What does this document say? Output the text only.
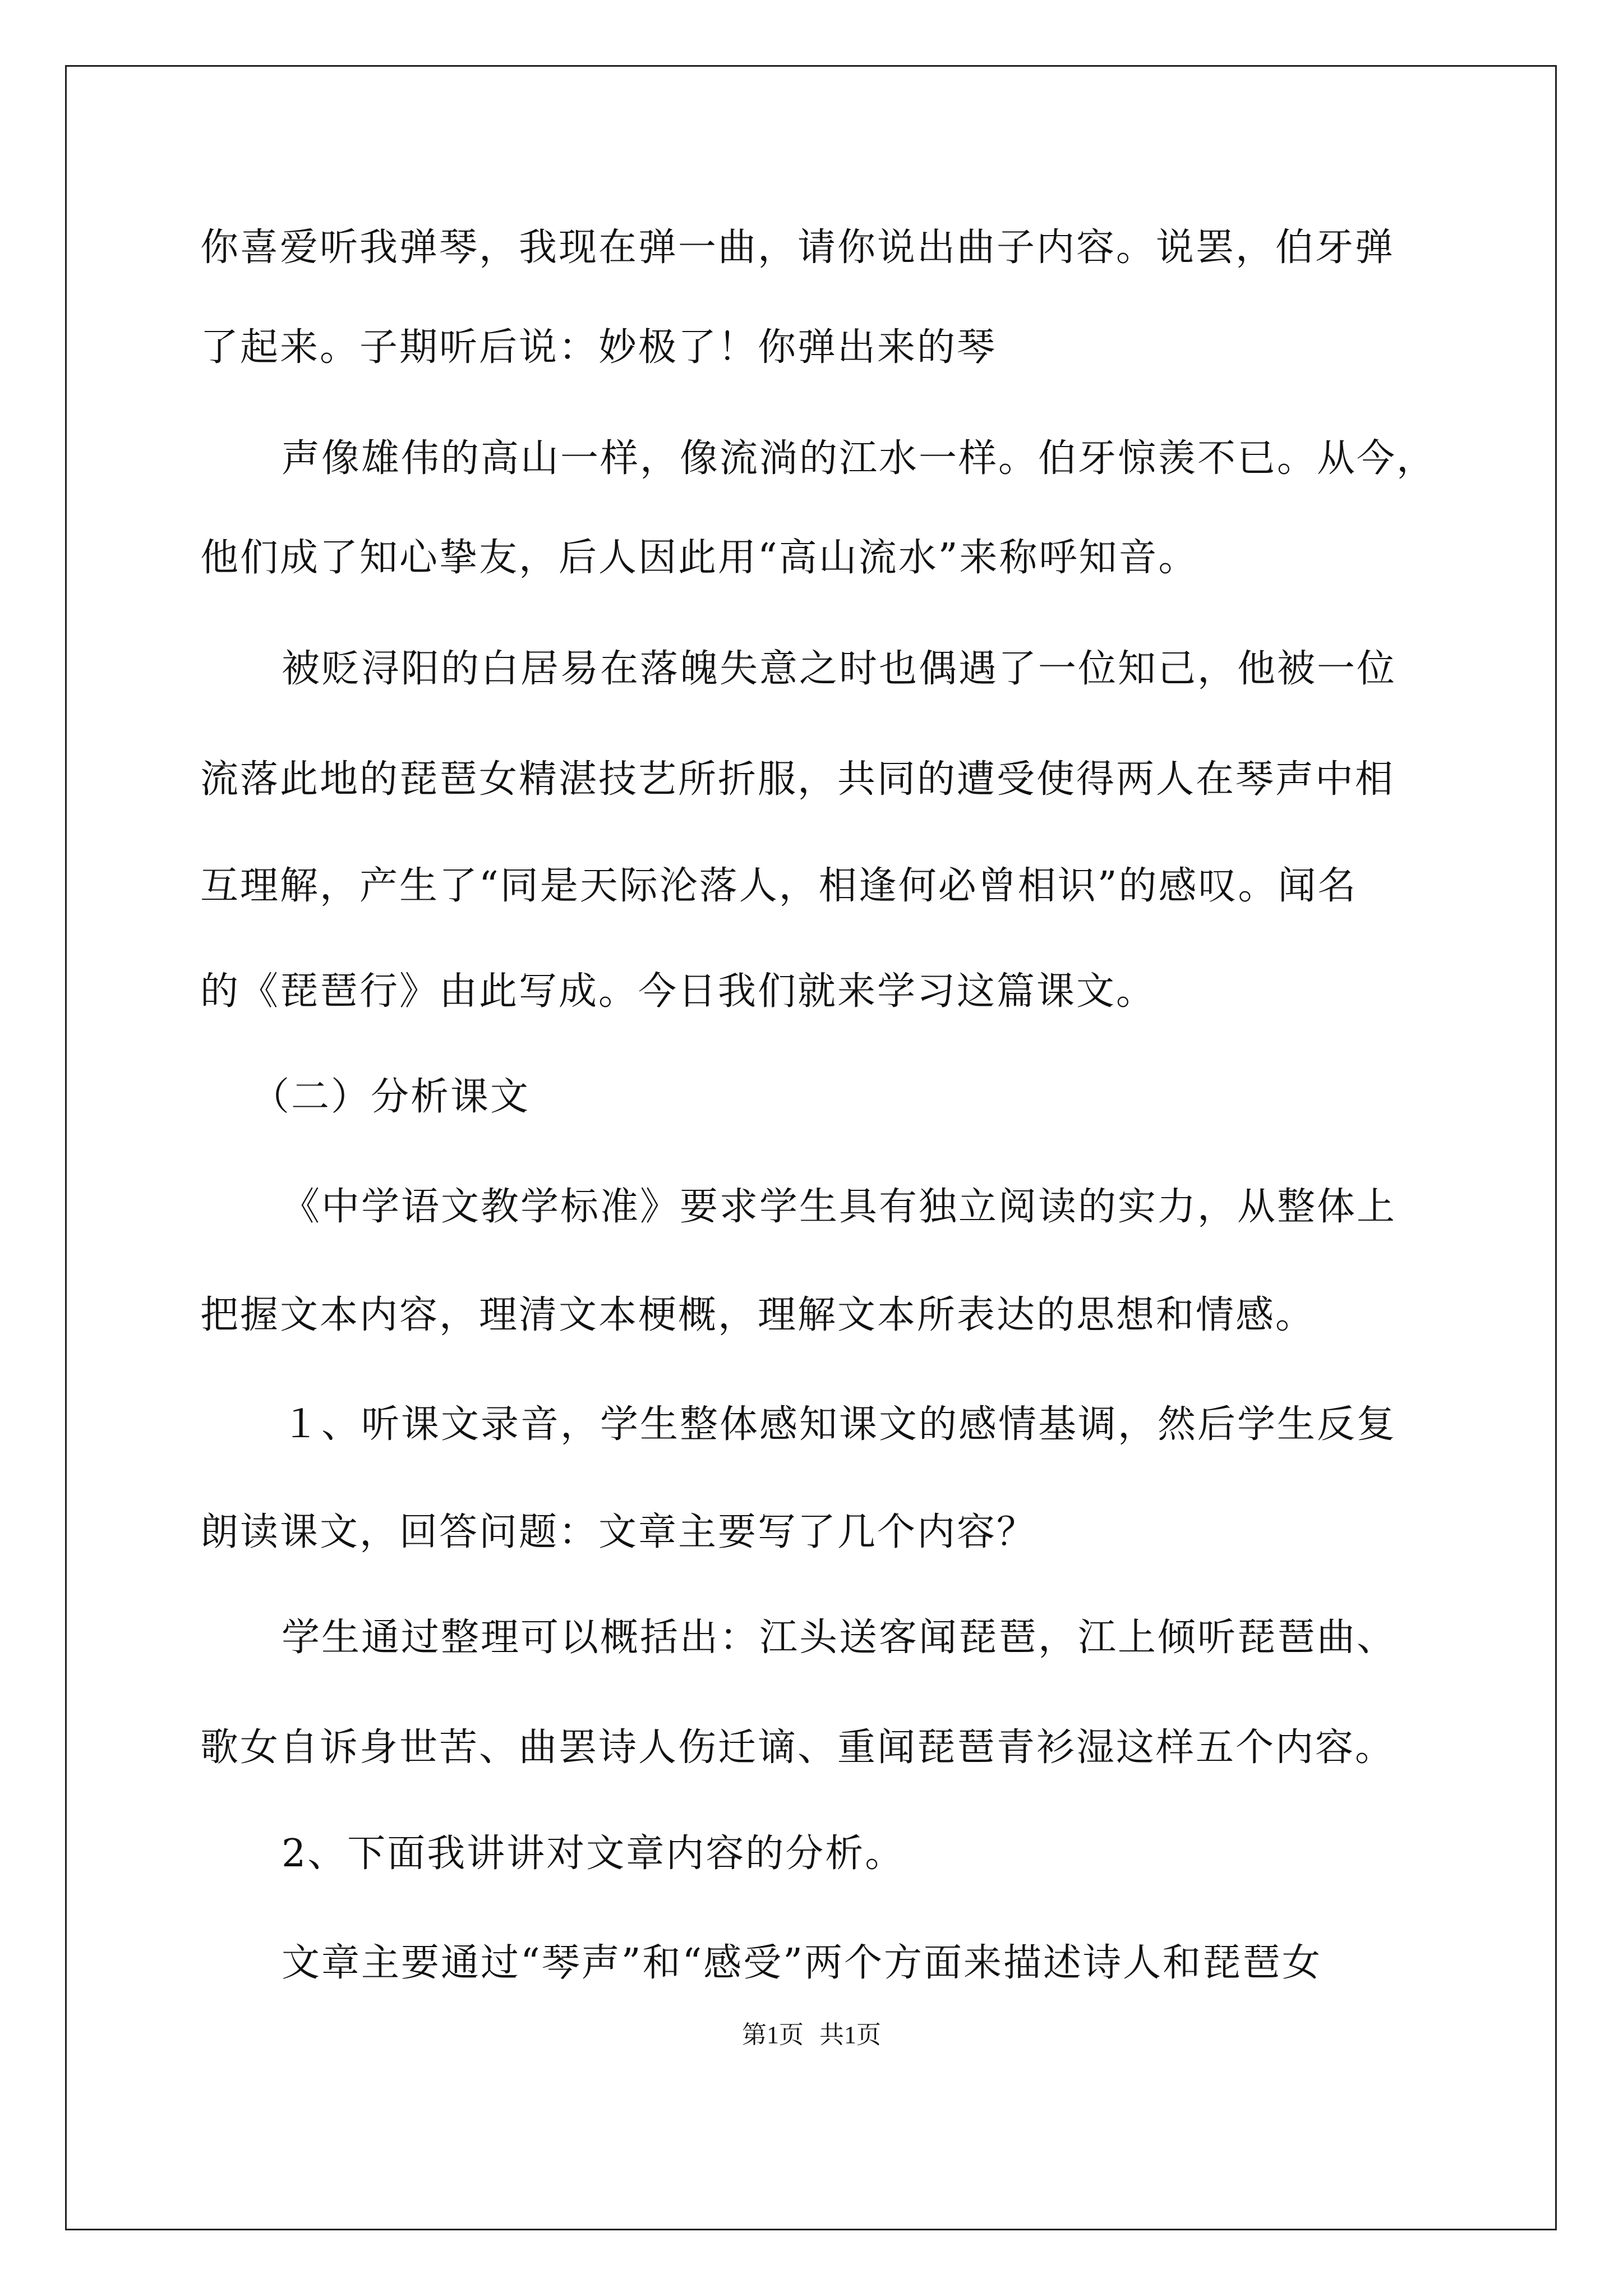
你喜爱听我弹琴，我现在弹一曲，请你说出曲子内容。说罢，伯牙弹
了起来。子期听后说：妙极了！你弹出来的琴
声像雄伟的高山一样，像流淌的江水一样。伯牙惊羡不已。从今，
他们成了知心挚友，后人因此用“高山流水”来称呼知音。
被贬浔阳的白居易在落魄失意之时也偶遇了一位知己，他被一位
流落此地的琵琶女精湛技艺所折服，共同的遭受使得两人在琴声中相
互理解，产生了“同是天际沦落人，相逢何必曾相识”的感叹。闻名
的《琵琶行》由此写成。今日我们就来学习这篇课文。
（二）分析课文
《中学语文教学标准》要求学生具有独立阅读的实力，从整体上
把握文本内容，理清文本梗概，理解文本所表达的思想和情感。
１、听课文录音，学生整体感知课文的感情基调，然后学生反复
朗读课文，回答问题：文章主要写了几个内容？
学生通过整理可以概括出：江头送客闻琵琶，江上倾听琵琶曲、
歌女自诉身世苦、曲罢诗人伤迁谪、重闻琵琶青衫湿这样五个内容。
2、下面我讲讲对文章内容的分析。
文章主要通过“琴声”和“感受”两个方面来描述诗人和琵琶女
第1页 共1页
